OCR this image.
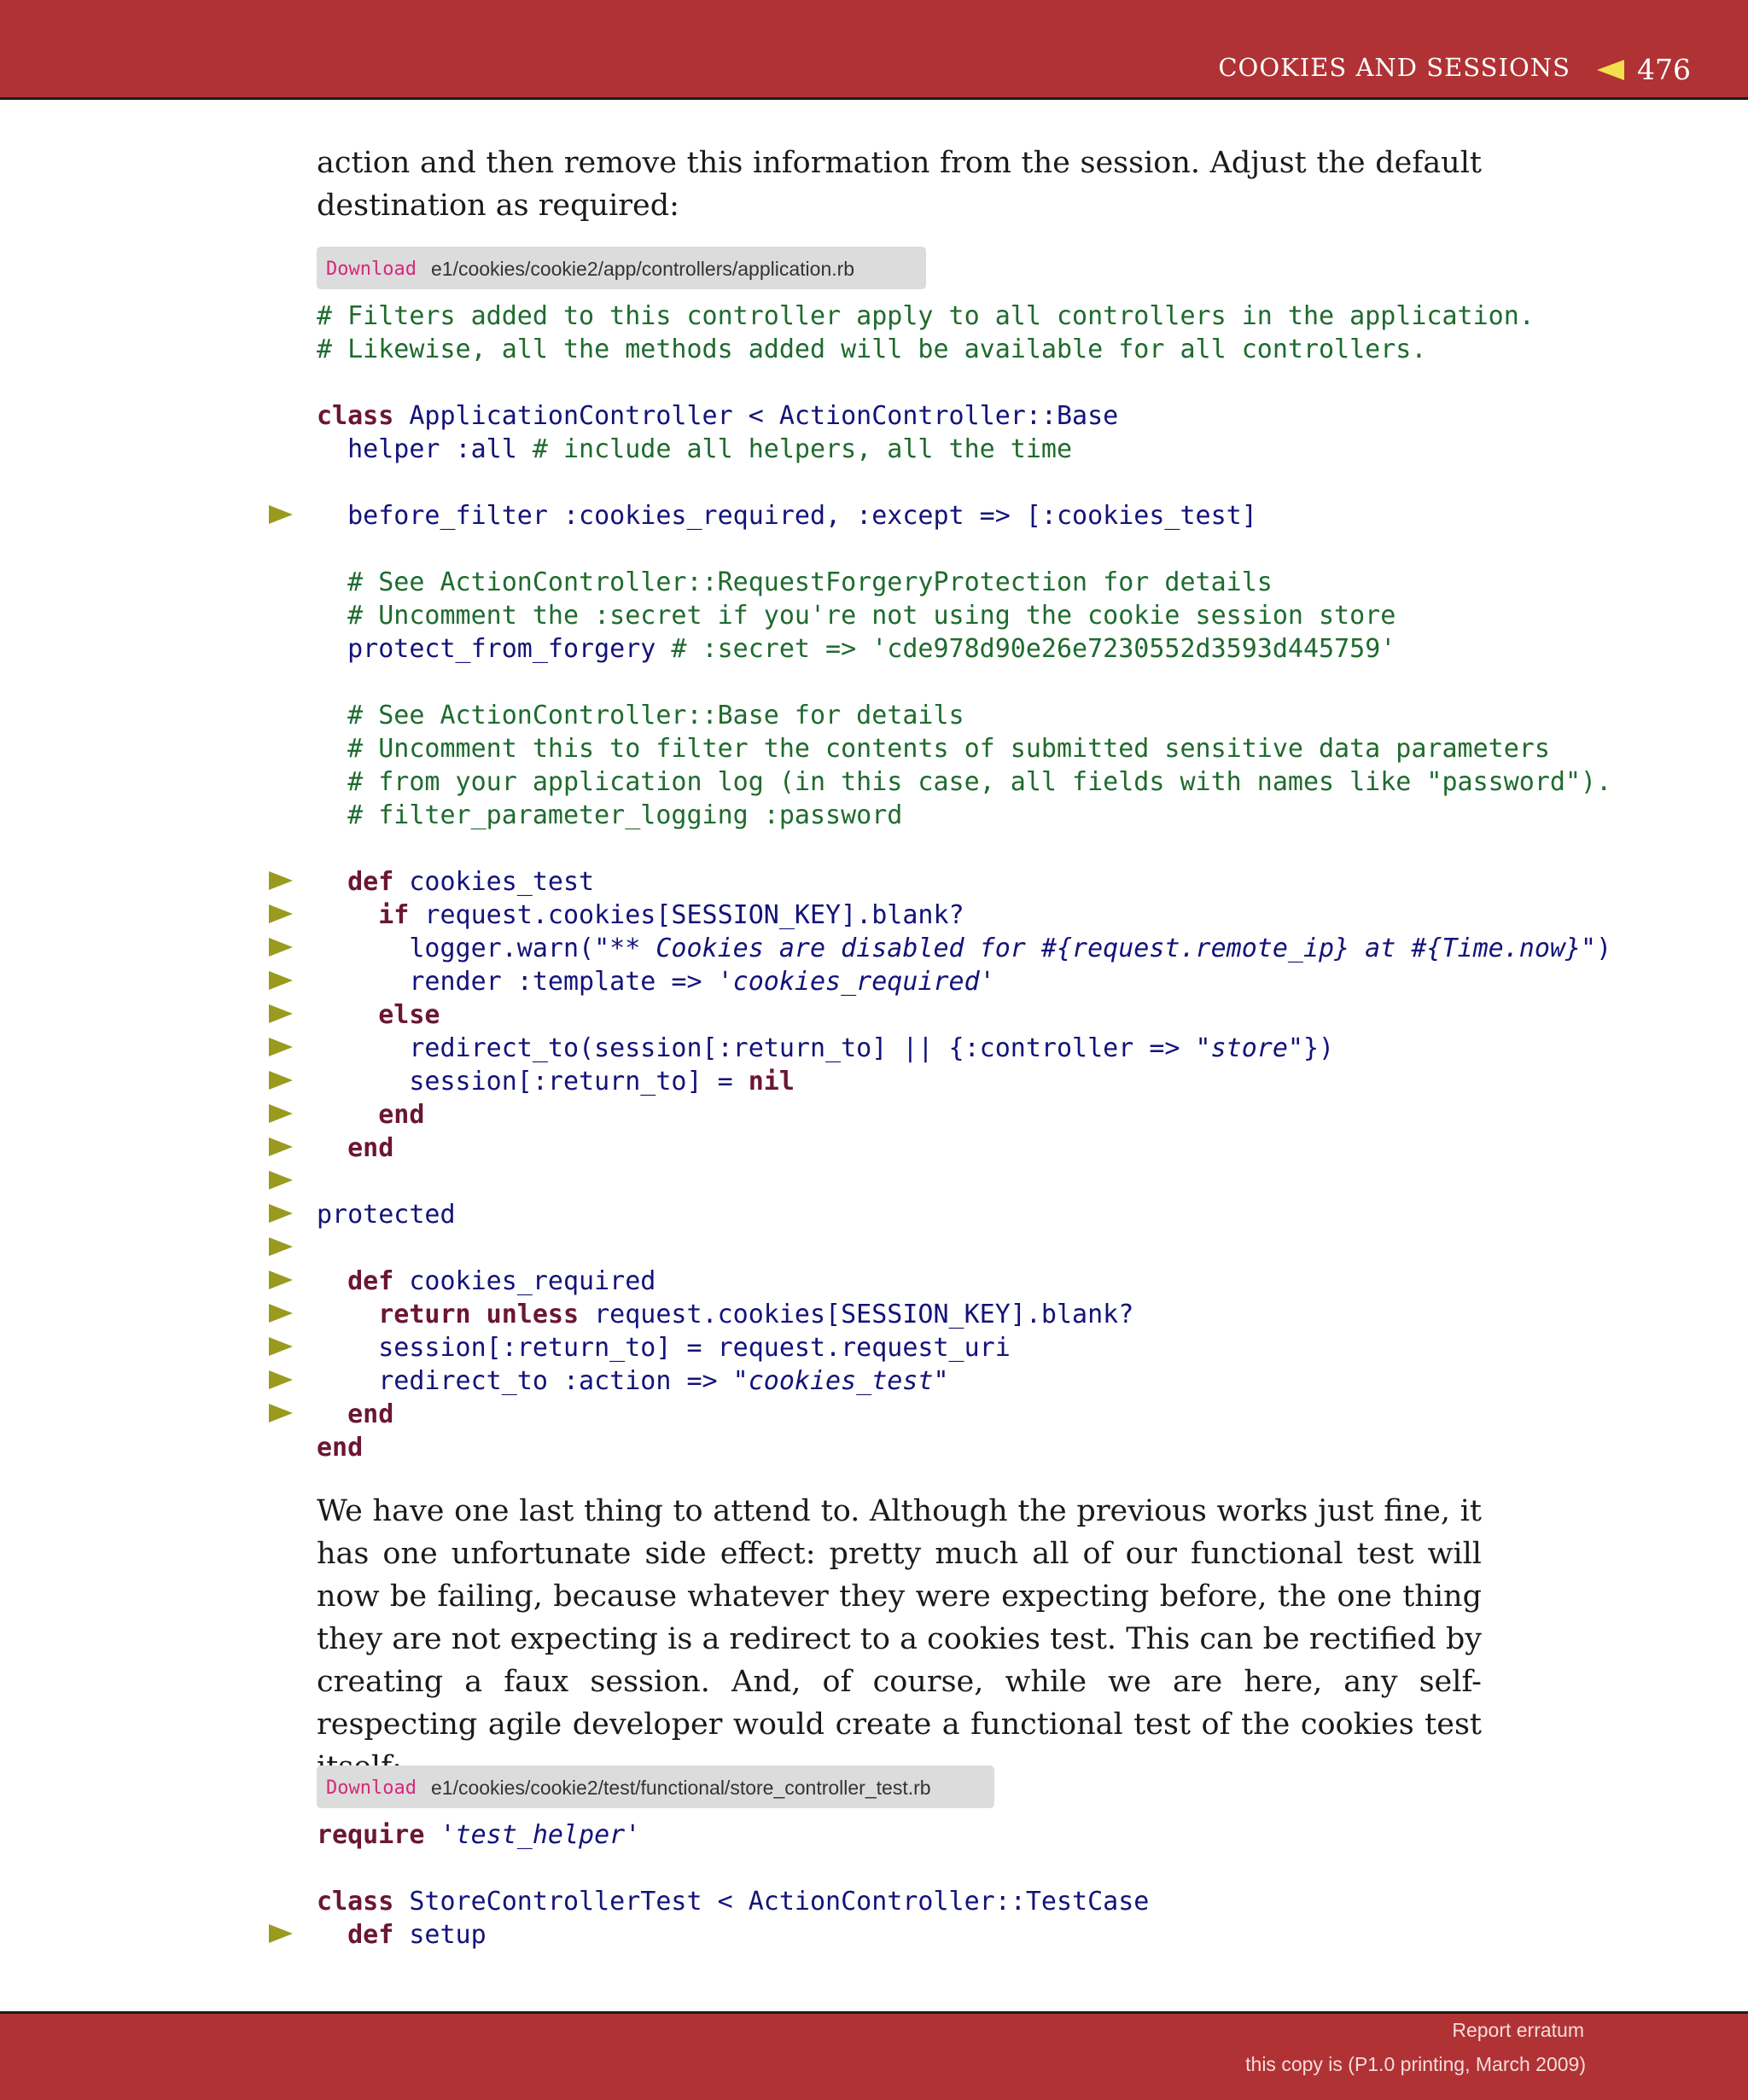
COOKIES AND SESSIONS 476

action and then remove this information from the session. Adjust the default destination as required:

Download e1/cookies/cookie2/app/controllers/application.rb
# Filters added to this controller apply to all controllers in the application.
# Likewise, all the methods added will be available for all controllers.

class ApplicationController < ActionController::Base
helper :all # include all helpers, all the time

before_filter :cookies_required, :except => [:cookies_test]

# See ActionController::RequestForgeryProtection for details
# Uncomment the :secret if you're not using the cookie session store
protect_from_forgery # :secret => 'cde978d90e26e7230552d3593d445759'

# See ActionController::Base for details
# Uncomment this to filter the contents of submitted sensitive data parameters
# from your application log (in this case, all fields with names like "password").
# filter_parameter_logging :password

def cookies_test
if request.cookies[SESSION_KEY].blank?
logger.warn("** Cookies are disabled for #{request.remote_ip} at #{Time.now}")
render :template => 'cookies_required'
else
redirect_to(session[:return_to] || {:controller => "store"})
session[:return_to] = nil
end
end

protected

def cookies_required
return unless request.cookies[SESSION_KEY].blank?
session[:return_to] = request.request_uri
redirect_to :action => "cookies_test"
end
end

We have one last thing to attend to. Although the previous works just fine, it has one unfortunate side effect: pretty much all of our functional test will now be failing, because whatever they were expecting before, the one thing they are not expecting is a redirect to a cookies test. This can be rectified by creating a faux session. And, of course, while we are here, any self-respecting agile developer would create a functional test of the cookies test

Download e1/cookies/cookie2/test/functional/store_controller_test.rb
require 'test_helper'

class StoreControllerTest < ActionController::TestCase
def setup
Report erratum
this copy is (P1.0 printing, March 2009)
